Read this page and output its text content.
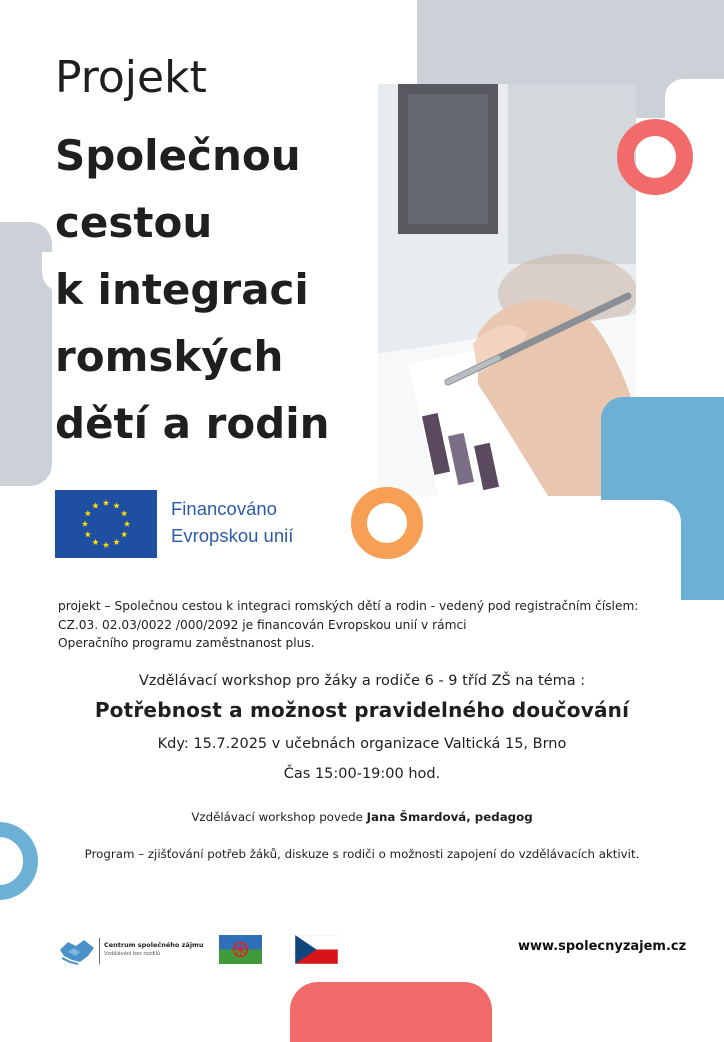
Projekt
Společnou
cestou
k integraci
romských
dětí a rodin
Financováno
Evropskou unií
projekt – Společnou cestou k integraci romských dětí a rodin - vedený pod registračním číslem:
CZ.03. 02.03/0022 /000/2092 je financován Evropskou unií v rámci
Operačního programu zaměstnanost plus.
Vzdělávací workshop pro žáky a rodiče 6 - 9 tříd ZŠ na téma :
Potřebnost a možnost pravidelného doučování
Kdy: 15.7.2025 v učebnách organizace Valtická 15, Brno
Čas 15:00-19:00 hod.
Vzdělávací workshop povede Jana Šmardová, pedagog
Program – zjišťování potřeb žáků, diskuze s rodiči o možnosti zapojení do vzdělávacích aktivit.
Centrum společného zájmu
Vzdělávání bez rozdílů	www.spolecnyzajem.cz
